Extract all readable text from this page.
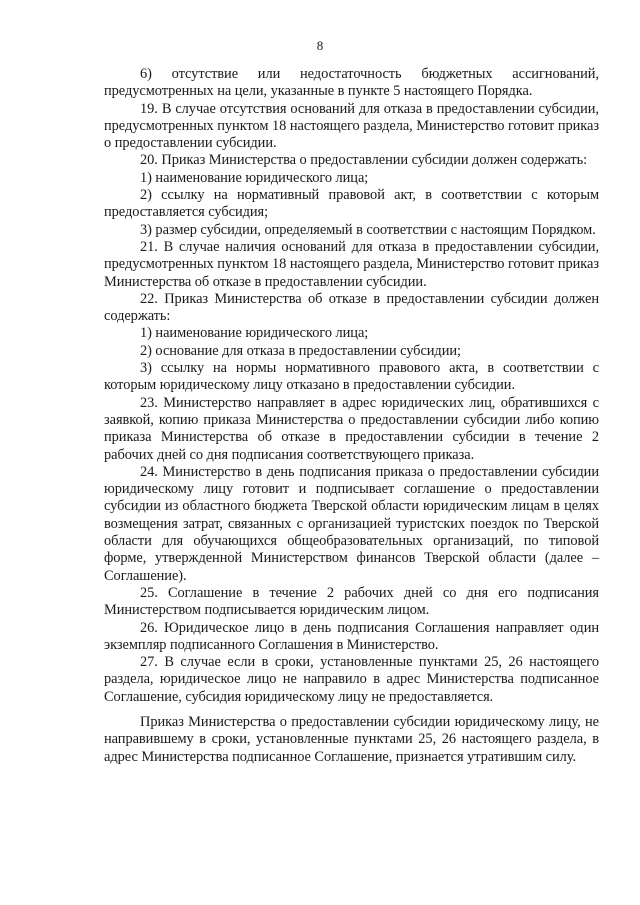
8

6) отсутствие или недостаточность бюджетных ассигнований, предусмотренных на цели, указанные в пункте 5 настоящего Порядка.

19. В случае отсутствия оснований для отказа в предоставлении субсидии, предусмотренных пунктом 18 настоящего раздела, Министерство готовит приказ о предоставлении субсидии.

20. Приказ Министерства о предоставлении субсидии должен содержать:

1) наименование юридического лица;

2) ссылку на нормативный правовой акт, в соответствии с которым предоставляется субсидия;

3) размер субсидии, определяемый в соответствии с настоящим Порядком.

21. В случае наличия оснований для отказа в предоставлении субсидии, предусмотренных пунктом 18 настоящего раздела, Министерство готовит приказ Министерства об отказе в предоставлении субсидии.

22. Приказ Министерства об отказе в предоставлении субсидии должен содержать:

1) наименование юридического лица;

2) основание для отказа в предоставлении субсидии;

3) ссылку на нормы нормативного правового акта, в соответствии с которым юридическому лицу отказано в предоставлении субсидии.

23. Министерство направляет в адрес юридических лиц, обратившихся с заявкой, копию приказа Министерства о предоставлении субсидии либо копию приказа Министерства об отказе в предоставлении субсидии в течение 2 рабочих дней со дня подписания соответствующего приказа.

24. Министерство в день подписания приказа о предоставлении субсидии юридическому лицу готовит и подписывает соглашение о предоставлении субсидии из областного бюджета Тверской области юридическим лицам в целях возмещения затрат, связанных с организацией туристских поездок по Тверской области для обучающихся общеобразовательных организаций, по типовой форме, утвержденной Министерством финансов Тверской области (далее – Соглашение).

25. Соглашение в течение 2 рабочих дней со дня его подписания Министерством подписывается юридическим лицом.

26. Юридическое лицо в день подписания Соглашения направляет один экземпляр подписанного Соглашения в Министерство.

27. В случае если в сроки, установленные пунктами 25, 26 настоящего раздела, юридическое лицо не направило в адрес Министерства подписанное Соглашение, субсидия юридическому лицу не предоставляется.

Приказ Министерства о предоставлении субсидии юридическому лицу, не направившему в сроки, установленные пунктами 25, 26 настоящего раздела, в адрес Министерства подписанное Соглашение, признается утратившим силу.
